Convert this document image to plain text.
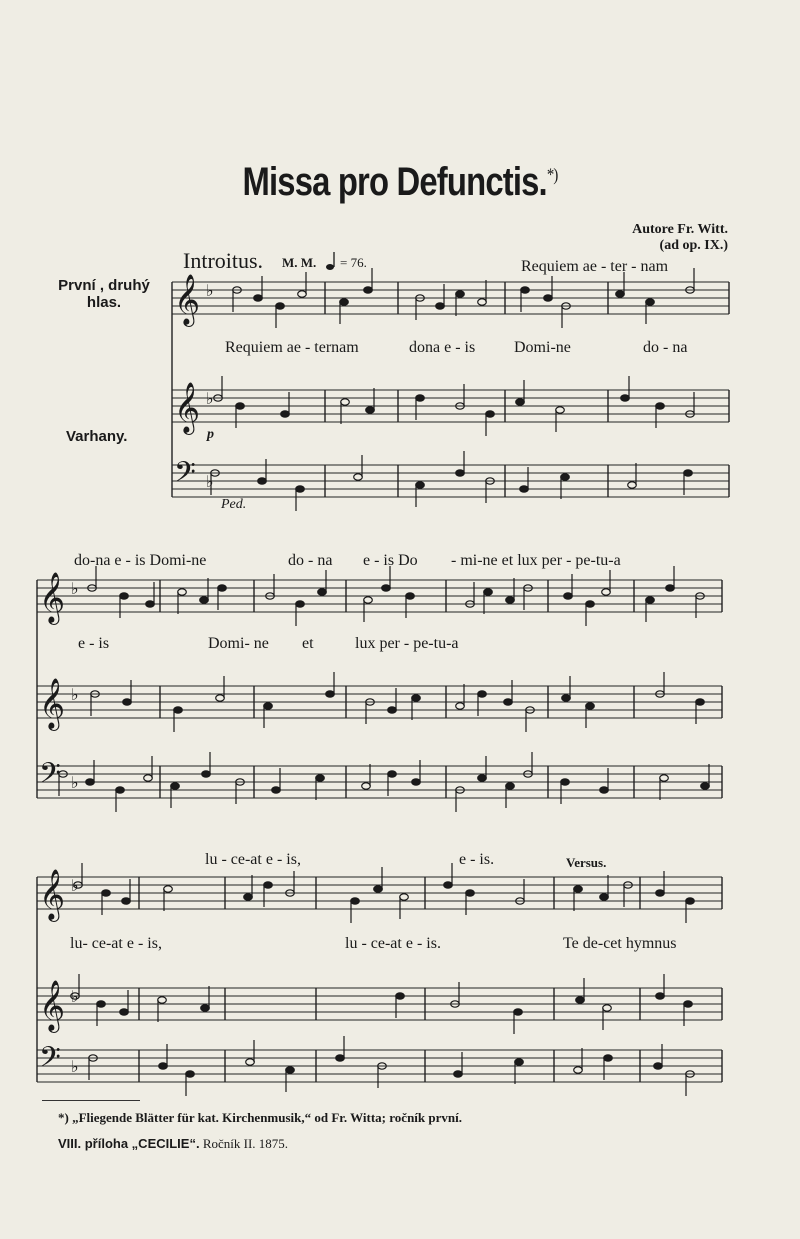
Missa pro Defunctis.*)
Autore Fr. Witt.
(ad op. IX.)
Introitus. M. M. = 76.
První , druhý
hlas.
Varhany.	p
Ped.
Requiem ae - ter - nam
Requiem ae - ternam	dona e - is Domi-ne	do - na
do-na e - is Domi-ne	do - na e - is Do - mi-ne et lux per - pe-tu-a
e - is	Domi- ne et	lux per - pe-tu-a
lu - ce-at e - is,	e - is.	Versus.
lu- ce-at e - is,	lu - ce-at e - is.	Te de-cet hymnus
𝄞 ♭
𝄞 ♭
𝄢 ♭
𝄞 ♭
𝄞 ♭
𝄢 ♭
𝄞 ♭
𝄞 ♭
𝄢 ♭
*) „Fliegende Blätter für kat. Kirchenmusik,“ od Fr. Witta; ročník první.
VIII. příloha „CECILIE“. Ročník II. 1875.
